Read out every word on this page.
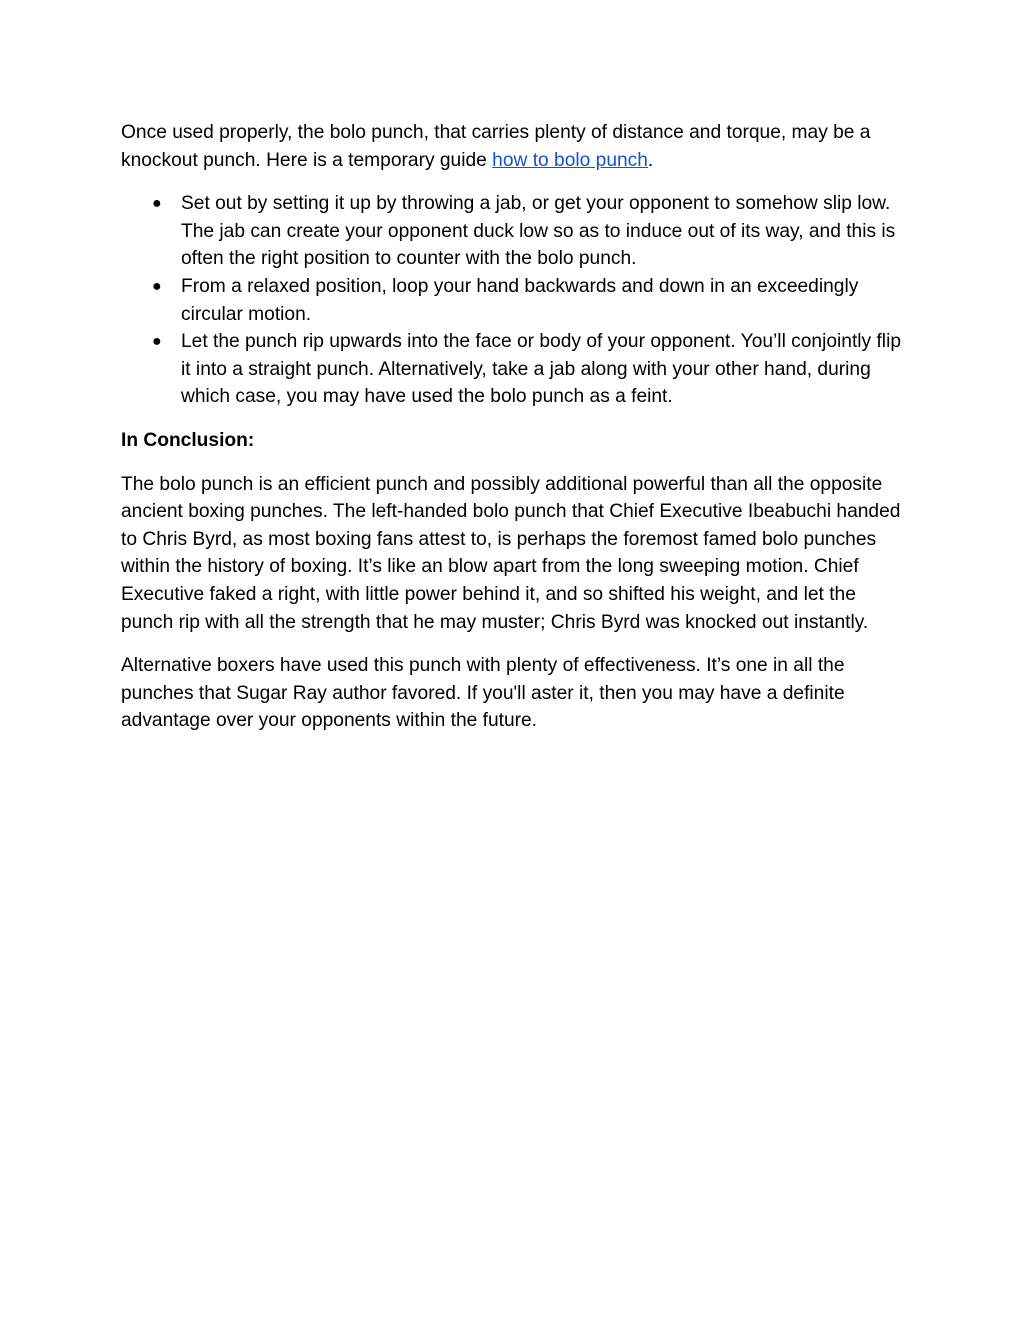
Once used properly, the bolo punch, that carries plenty of distance and torque, may be a knockout punch. Here is a temporary guide how to bolo punch.

● Set out by setting it up by throwing a jab, or get your opponent to somehow slip low. The jab can create your opponent duck low so as to induce out of its way, and this is often the right position to counter with the bolo punch.
● From a relaxed position, loop your hand backwards and down in an exceedingly circular motion.
● Let the punch rip upwards into the face or body of your opponent. You’ll conjointly flip it into a straight punch. Alternatively, take a jab along with your other hand, during which case, you may have used the bolo punch as a feint.

In Conclusion:

The bolo punch is an efficient punch and possibly additional powerful than all the opposite ancient boxing punches. The left-handed bolo punch that Chief Executive Ibeabuchi handed to Chris Byrd, as most boxing fans attest to, is perhaps the foremost famed bolo punches within the history of boxing. It’s like an blow apart from the long sweeping motion. Chief Executive faked a right, with little power behind it, and so shifted his weight, and let the punch rip with all the strength that he may muster; Chris Byrd was knocked out instantly.

Alternative boxers have used this punch with plenty of effectiveness. It’s one in all the punches that Sugar Ray author favored. If you'll aster it, then you may have a definite advantage over your opponents within the future.
